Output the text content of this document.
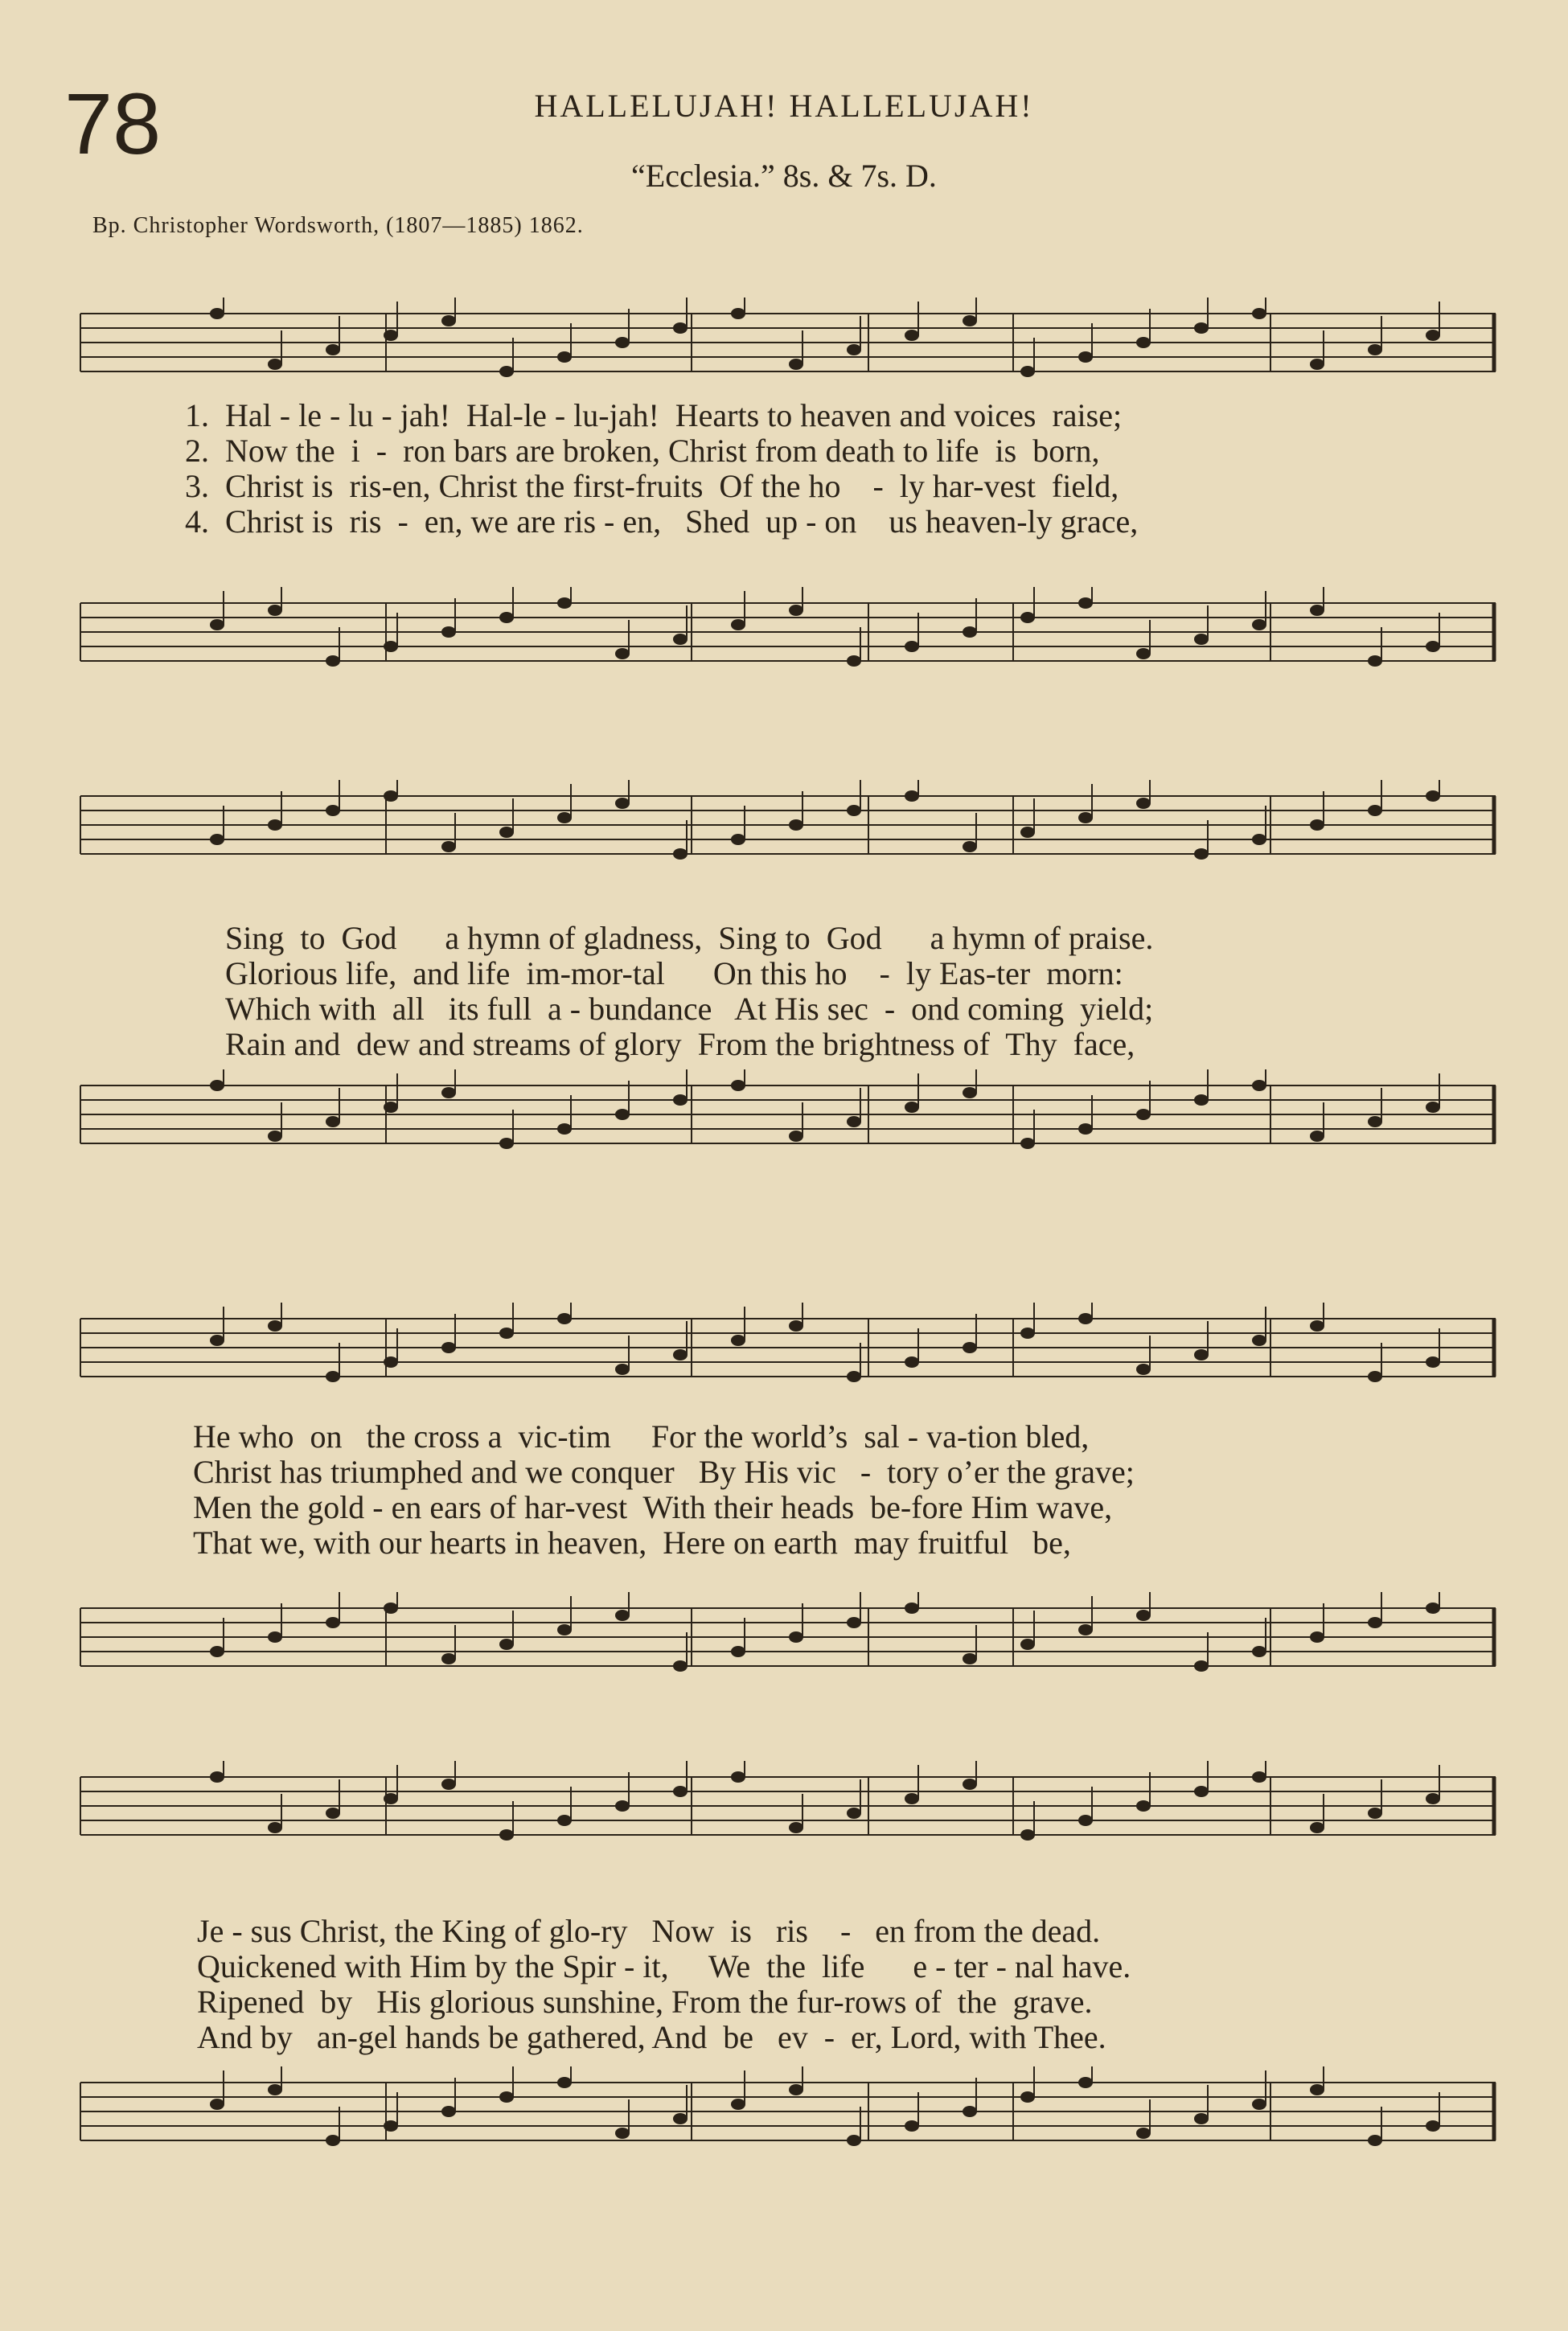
78	HALLELUJAH! HALLELUJAH!
“Ecclesia.” 8s. & 7s. D.
Bp. Christopher Wordsworth, (1807—1885) 1862.
1.  Hal - le - lu - jah!  Hal-le - lu-jah!  Hearts to heaven and voices  raise;
2.  Now the  i  -  ron bars are broken, Christ from death to life  is  born,
3.  Christ is  ris-en, Christ the first-fruits  Of the ho    -  ly har-vest  field,
4.  Christ is  ris  -  en, we are ris - en,   Shed  up - on    us heaven-ly grace,
Sing  to  God      a hymn of gladness,  Sing to  God      a hymn of praise.
Glorious life,  and life  im-mor-tal      On this ho    -  ly Eas-ter  morn:
Which with  all   its full  a - bundance   At His sec  -  ond coming  yield;
Rain and  dew and streams of glory  From the brightness of  Thy  face,
He who  on   the cross a  vic-tim     For the world’s  sal - va-tion bled,
Christ has triumphed and we conquer   By His vic   -  tory o’er the grave;
Men the gold - en ears of har-vest  With their heads  be-fore Him wave,
That we, with our hearts in heaven,  Here on earth  may fruitful   be,
Je - sus Christ, the King of glo-ry   Now  is   ris    -   en from the dead.
Quickened with Him by the Spir - it,     We  the  life      e - ter - nal have.
Ripened  by   His glorious sunshine, From the fur-rows of  the  grave.
And by   an-gel hands be gathered, And  be   ev  -  er, Lord, with Thee.
